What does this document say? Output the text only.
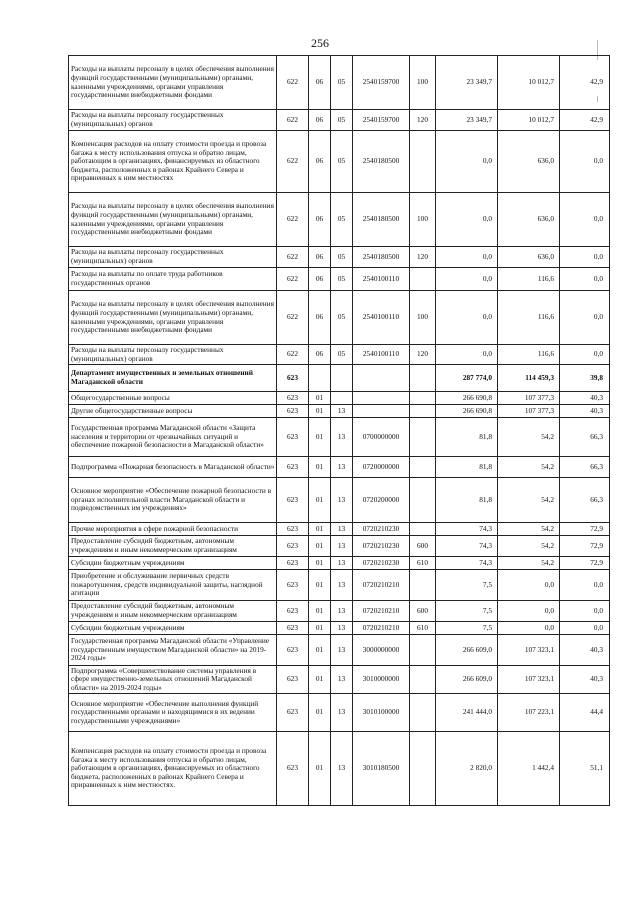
256
Расходы на выплаты персоналу в целях обеспечения выполнения функций государственными (муниципальными) органами, казенными учреждениями, органами управления государственными внебюджетными фондами	622	06	05	2540159700	100	23 349,7	10 012,7	42,9
Расходы на выплаты персоналу государственных (муниципальных) органов	622	06	05	2540159700	120	23 349,7	10 012,7	42,9
Компенсация расходов на оплату стоимости проезда и провоза багажа к месту использования отпуска и обратно лицам, работающим в организациях, финансируемых из областного бюджета, расположенных в районах Крайнего Севера и приравненных к ним местностях	622	06	05	2540180500		0,0	636,0	0,0
Расходы на выплаты персоналу в целях обеспечения выполнения функций государственными (муниципальными) органами, казенными учреждениями, органами управления государственными внебюджетными фондами	622	06	05	2540180500	100	0,0	636,0	0,0
Расходы на выплаты персоналу государственных (муниципальных) органов	622	06	05	2540180500	120	0,0	636,0	0,0
Расходы на выплаты по оплате труда работников государственных органов	622	06	05	2540100110		0,0	116,6	0,0
Расходы на выплаты персоналу в целях обеспечения выполнения функций государственными (муниципальными) органами, казенными учреждениями, органами управления государственными внебюджетными фондами	622	06	05	2540100110	100	0,0	116,6	0,0
Расходы на выплаты персоналу государственных (муниципальных) органов	622	06	05	2540100110	120	0,0	116,6	0,0
Департамент имущественных и земельных отношений Магаданской области	623					287 774,0	114 459,3	39,8
Общегосударственные вопросы	623	01				266 690,8	107 377,3	40,3
Другие общегосударственные вопросы	623	01	13			266 690,8	107 377,3	40,3
Государственная программа Магаданской области «Защита населения и территории от чрезвычайных ситуаций и обеспечение пожарной безопасности в Магаданской области»	623	01	13	0700000000		81,8	54,2	66,3
Подпрограмма «Пожарная безопасность в Магаданской области»	623	01	13	0720000000		81,8	54,2	66,3
Основное мероприятие «Обеспечение пожарной безопасности в органах исполнительной власти Магаданской области и подведомственных им учреждениях»	623	01	13	0720200000		81,8	54,2	66,3
Прочие мероприятия в сфере пожарной безопасности	623	01	13	0720210230		74,3	54,2	72,9
Предоставление субсидий бюджетным, автономным учреждениям и иным некоммерческим организациям	623	01	13	0720210230	600	74,3	54,2	72,9
Субсидии бюджетным учреждениям	623	01	13	0720210230	610	74,3	54,2	72,9
Приобретение и обслуживание первичных средств пожаротушения, средств индивидуальной защиты, наглядной агитации	623	01	13	0720210210		7,5	0,0	0,0
Предоставление субсидий бюджетным, автономным учреждениям и иным некоммерческим организациям	623	01	13	0720210210	600	7,5	0,0	0,0
Субсидии бюджетным учреждениям	623	01	13	0720210210	610	7,5	0,0	0,0
Государственная программа Магаданской области «Управление государственным имуществом Магаданской области» на 2019-2024 годы»	623	01	13	3000000000		266 609,0	107 323,1	40,3
Подпрограмма «Совершенствование системы управления в сфере имущественно-земельных отношений Магаданской области» на 2019-2024 годы»	623	01	13	3010000000		266 609,0	107 323,1	40,3
Основное мероприятие «Обеспечение выполнения функций государственными органами и находящимися в их ведении государственными учреждениями»	623	01	13	3010100000		241 444,0	107 223,1	44,4
Компенсация расходов на оплату стоимости проезда и провоза багажа к месту использования отпуска и обратно лицам, работающим в организациях, финансируемых из областного бюджета, расположенных в районах Крайнего Севера и приравненных к ним местностях.	623	01	13	3010180500		2 820,0	1 442,4	51,1
